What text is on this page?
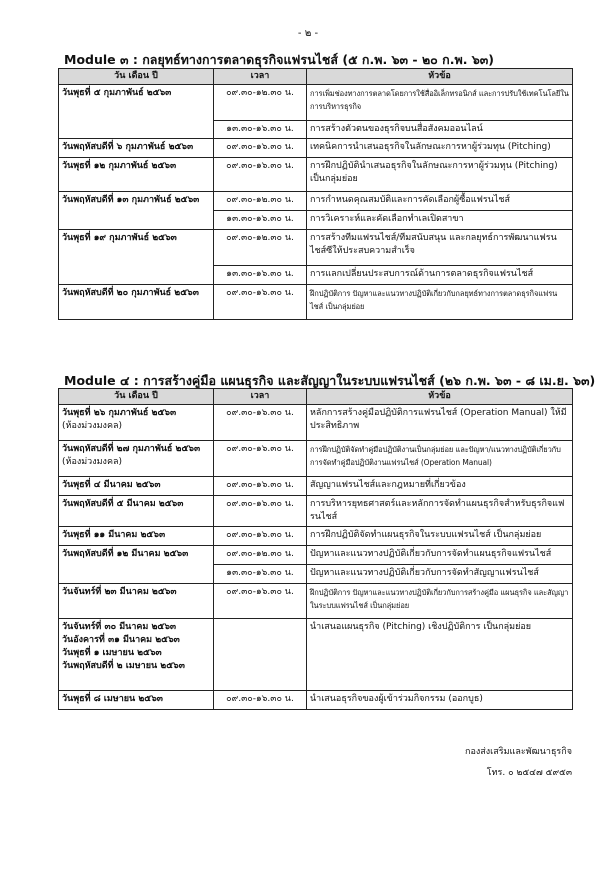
- ๒ -
Module ๓ : กลยุทธ์ทางการตลาดธุรกิจแฟรนไชส์ (๕ ก.พ. ๖๓ - ๒๐ ก.พ. ๖๓)
วัน เดือน ปี	เวลา	หัวข้อ
วันพุธที่ ๕ กุมภาพันธ์ ๒๕๖๓	๐๙.๓๐-๑๒.๓๐ น.	การเพิ่มช่องทางการตลาดโดยการใช้สื่ออิเล็กทรอนิกส์ และการปรับใช้เทคโนโลยีในการบริหารธุรกิจ
	๑๓.๓๐-๑๖.๓๐ น.	การสร้างตัวตนของธุรกิจบนสื่อสังคมออนไลน์
วันพฤหัสบดีที่ ๖ กุมภาพันธ์ ๒๕๖๓	๐๙.๓๐-๑๖.๓๐ น.	เทคนิคการนำเสนอธุรกิจในลักษณะการหาผู้ร่วมทุน (Pitching)
วันพุธที่ ๑๒ กุมภาพันธ์ ๒๕๖๓	๐๙.๓๐-๑๖.๓๐ น.	การฝึกปฏิบัตินำเสนอธุรกิจในลักษณะการหาผู้ร่วมทุน (Pitching) เป็นกลุ่มย่อย
วันพฤหัสบดีที่ ๑๓ กุมภาพันธ์ ๒๕๖๓	๐๙.๓๐-๑๒.๓๐ น.	การกำหนดคุณสมบัติและการคัดเลือกผู้ซื้อแฟรนไชส์
	๑๓.๓๐-๑๖.๓๐ น.	การวิเคราะห์และคัดเลือกทำเลเปิดสาขา
วันพุธที่ ๑๙ กุมภาพันธ์ ๒๕๖๓	๐๙.๓๐-๑๒.๓๐ น.	การสร้างทีมแฟรนไชส์/ทีมสนับสนุน และกลยุทธ์การพัฒนาแฟรนไชส์ซีให้ประสบความสำเร็จ
	๑๓.๓๐-๑๖.๓๐ น.	การแลกเปลี่ยนประสบการณ์ด้านการตลาดธุรกิจแฟรนไชส์
วันพฤหัสบดีที่ ๒๐ กุมภาพันธ์ ๒๕๖๓	๐๙.๓๐-๑๖.๓๐ น.	ฝึกปฏิบัติการ ปัญหาและแนวทางปฏิบัติเกี่ยวกับกลยุทธ์ทางการตลาดธุรกิจแฟรนไชส์ เป็นกลุ่มย่อย
Module ๔ : การสร้างคู่มือ แผนธุรกิจ และสัญญาในระบบแฟรนไชส์ (๒๖ ก.พ. ๖๓ - ๘ เม.ย. ๖๓)
วัน เดือน ปี	เวลา	หัวข้อ
วันพุธที่ ๒๖ กุมภาพันธ์ ๒๕๖๓
(ห้องม่วงมงคล)	๐๙.๓๐-๑๖.๓๐ น.	หลักการสร้างคู่มือปฏิบัติการแฟรนไชส์ (Operation Manual) ให้มีประสิทธิภาพ
วันพฤหัสบดีที่ ๒๗ กุมภาพันธ์ ๒๕๖๓
(ห้องม่วงมงคล)	๐๙.๓๐-๑๖.๓๐ น.	การฝึกปฏิบัติจัดทำคู่มือปฏิบัติงานเป็นกลุ่มย่อย และปัญหา/แนวทางปฏิบัติเกี่ยวกับการจัดทำคู่มือปฏิบัติงานแฟรนไชส์ (Operation Manual)
วันพุธที่ ๔ มีนาคม ๒๕๖๓	๐๙.๓๐-๑๖.๓๐ น.	สัญญาแฟรนไชส์และกฎหมายที่เกี่ยวข้อง
วันพฤหัสบดีที่ ๕ มีนาคม ๒๕๖๓	๐๙.๓๐-๑๖.๓๐ น.	การบริหารยุทธศาสตร์และหลักการจัดทำแผนธุรกิจสำหรับธุรกิจแฟรนไชส์
วันพุธที่ ๑๑ มีนาคม ๒๕๖๓	๐๙.๓๐-๑๖.๓๐ น.	การฝึกปฏิบัติจัดทำแผนธุรกิจในระบบแฟรนไชส์ เป็นกลุ่มย่อย
วันพฤหัสบดีที่ ๑๒ มีนาคม ๒๕๖๓	๐๙.๓๐-๑๒.๓๐ น.	ปัญหาและแนวทางปฏิบัติเกี่ยวกับการจัดทำแผนธุรกิจแฟรนไชส์
	๑๓.๓๐-๑๖.๓๐ น.	ปัญหาและแนวทางปฏิบัติเกี่ยวกับการจัดทำสัญญาแฟรนไชส์
วันจันทร์ที่ ๒๓ มีนาคม ๒๕๖๓	๐๙.๓๐-๑๖.๓๐ น.	ฝึกปฏิบัติการ ปัญหาและแนวทางปฏิบัติเกี่ยวกับการสร้างคู่มือ แผนธุรกิจ และสัญญาในระบบแฟรนไชส์ เป็นกลุ่มย่อย
วันจันทร์ที่ ๓๐ มีนาคม ๒๕๖๓
วันอังคารที่ ๓๑ มีนาคม ๒๕๖๓
วันพุธที่ ๑ เมษายน ๒๕๖๓
วันพฤหัสบดีที่ ๒ เมษายน ๒๕๖๓		นำเสนอแผนธุรกิจ (Pitching) เชิงปฏิบัติการ เป็นกลุ่มย่อย
วันพุธที่ ๘ เมษายน ๒๕๖๓	๐๙.๓๐-๑๖.๓๐ น.	นำเสนอธุรกิจของผู้เข้าร่วมกิจกรรม (ออกบูธ)
กองส่งเสริมและพัฒนาธุรกิจ
โทร. ๐ ๒๕๔๗ ๕๙๕๓
